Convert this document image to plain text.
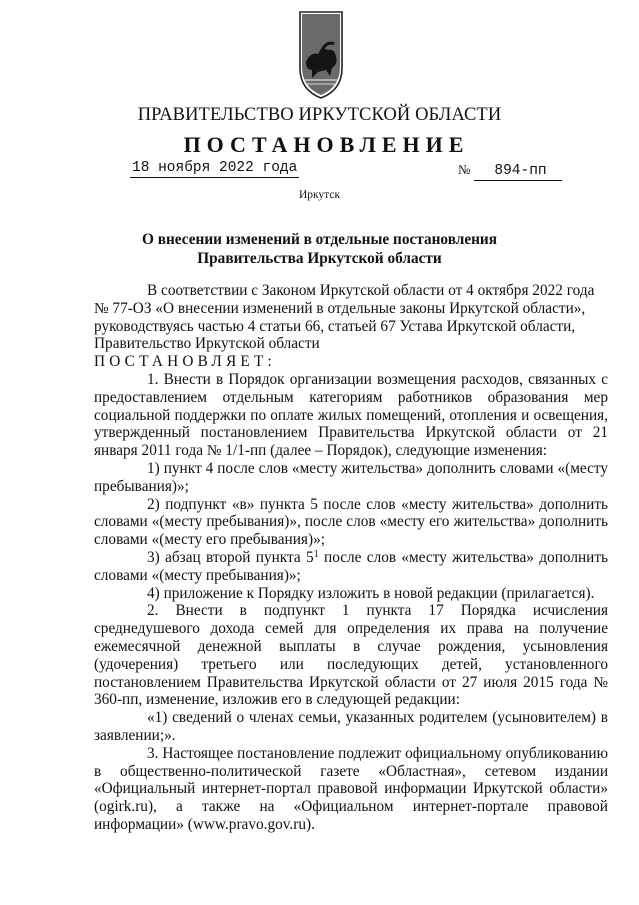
ПРАВИТЕЛЬСТВО ИРКУТСКОЙ ОБЛАСТИ
ПОСТАНОВЛЕНИЕ
18 ноября 2022 года	№ 894-пп
Иркутск
О внесении изменений в отдельные постановления
Правительства Иркутской области

В соответствии с Законом Иркутской области от 4 октября 2022 года

№ 77-ОЗ «О внесении изменений в отдельные законы Иркутской области»,

руководствуясь частью 4 статьи 66, статьей 67 Устава Иркутской области,

Правительство Иркутской области

ПОСТАНОВЛЯЕТ:

1. Внести в Порядок организации возмещения расходов, связанных с предоставлением отдельным категориям работников образования мер социальной поддержки по оплате жилых помещений, отопления и освещения, утвержденный постановлением Правительства Иркутской области от 21 января 2011 года № 1/1-пп (далее – Порядок), следующие изменения:

1) пункт 4 после слов «месту жительства» дополнить словами «(месту пребывания)»;

2) подпункт «в» пункта 5 после слов «месту жительства» дополнить словами «(месту пребывания)», после слов «месту его жительства» дополнить словами «(месту его пребывания)»;

3) абзац второй пункта $5^1$ после слов «месту жительства» дополнить словами «(месту пребывания)»;

4) приложение к Порядку изложить в новой редакции (прилагается).

2. Внести в подпункт 1 пункта 17 Порядка исчисления среднедушевого дохода семей для определения их права на получение ежемесячной денежной выплаты в случае рождения, усыновления (удочерения) третьего или последующих детей, установленного постановлением Правительства Иркутской области от 27 июля 2015 года № 360-пп, изменение, изложив его в следующей редакции:

«1) сведений о членах семьи, указанных родителем (усыновителем) в заявлении;».

3. Настоящее постановление подлежит официальному опубликованию в общественно-политической газете «Областная», сетевом издании «Официальный интернет-портал правовой информации Иркутской области» (ogirk.ru), а также на «Официальном интернет-портале правовой информации» (www.pravo.gov.ru).
